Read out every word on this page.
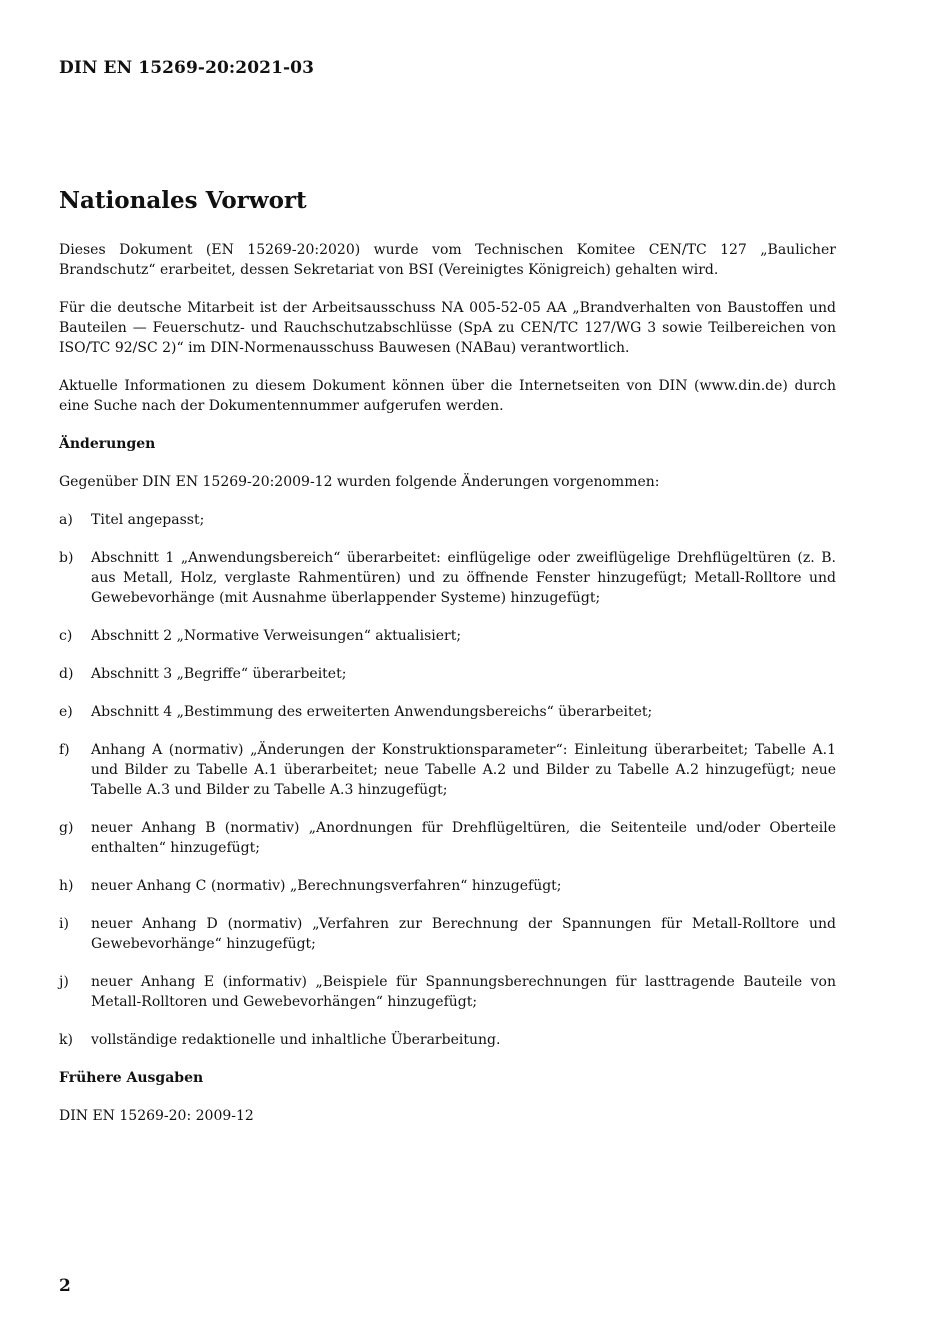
DIN EN 15269-20:2021-03
Nationales Vorwort

Dieses Dokument (EN 15269-20:2020) wurde vom Technischen Komitee CEN/TC 127 „Baulicher Brandschutz“ erarbeitet, dessen Sekretariat von BSI (Vereinigtes Königreich) gehalten wird.

Für die deutsche Mitarbeit ist der Arbeitsausschuss NA 005-52-05 AA „Brandverhalten von Baustoffen und Bauteilen — Feuerschutz- und Rauchschutzabschlüsse (SpA zu CEN/TC 127/WG 3 sowie Teilbereichen von ISO/TC 92/SC 2)“ im DIN-Normenausschuss Bauwesen (NABau) verantwortlich.

Aktuelle Informationen zu diesem Dokument können über die Internetseiten von DIN (www.din.de) durch eine Suche nach der Dokumentennummer aufgerufen werden.

Änderungen

Gegenüber DIN EN 15269-20:2009-12 wurden folgende Änderungen vorgenommen:

a)	Titel angepasst;
b)	Abschnitt 1 „Anwendungsbereich“ überarbeitet: einflügelige oder zweiflügelige Drehflügeltüren (z. B. aus Metall, Holz, verglaste Rahmentüren) und zu öffnende Fenster hinzugefügt; Metall-Rolltore und Gewebevorhänge (mit Ausnahme überlappender Systeme) hinzugefügt;
c)	Abschnitt 2 „Normative Verweisungen“ aktualisiert;
d)	Abschnitt 3 „Begriffe“ überarbeitet;
e)	Abschnitt 4 „Bestimmung des erweiterten Anwendungsbereichs“ überarbeitet;
f)	Anhang A (normativ) „Änderungen der Konstruktionsparameter“: Einleitung überarbeitet; Tabelle A.1 und Bilder zu Tabelle A.1 überarbeitet; neue Tabelle A.2 und Bilder zu Tabelle A.2 hinzugefügt; neue Tabelle A.3 und Bilder zu Tabelle A.3 hinzugefügt;
g)	neuer Anhang B (normativ) „Anordnungen für Drehflügeltüren, die Seitenteile und/oder Oberteile enthalten“ hinzugefügt;
h)	neuer Anhang C (normativ) „Berechnungsverfahren“ hinzugefügt;
i)	neuer Anhang D (normativ) „Verfahren zur Berechnung der Spannungen für Metall-Rolltore und Gewebevorhänge“ hinzugefügt;
j)	neuer Anhang E (informativ) „Beispiele für Spannungsberechnungen für lasttragende Bauteile von Metall-Rolltoren und Gewebevorhängen“ hinzugefügt;
k)	vollständige redaktionelle und inhaltliche Überarbeitung.
Frühere Ausgaben

DIN EN 15269-20: 2009-12

2
